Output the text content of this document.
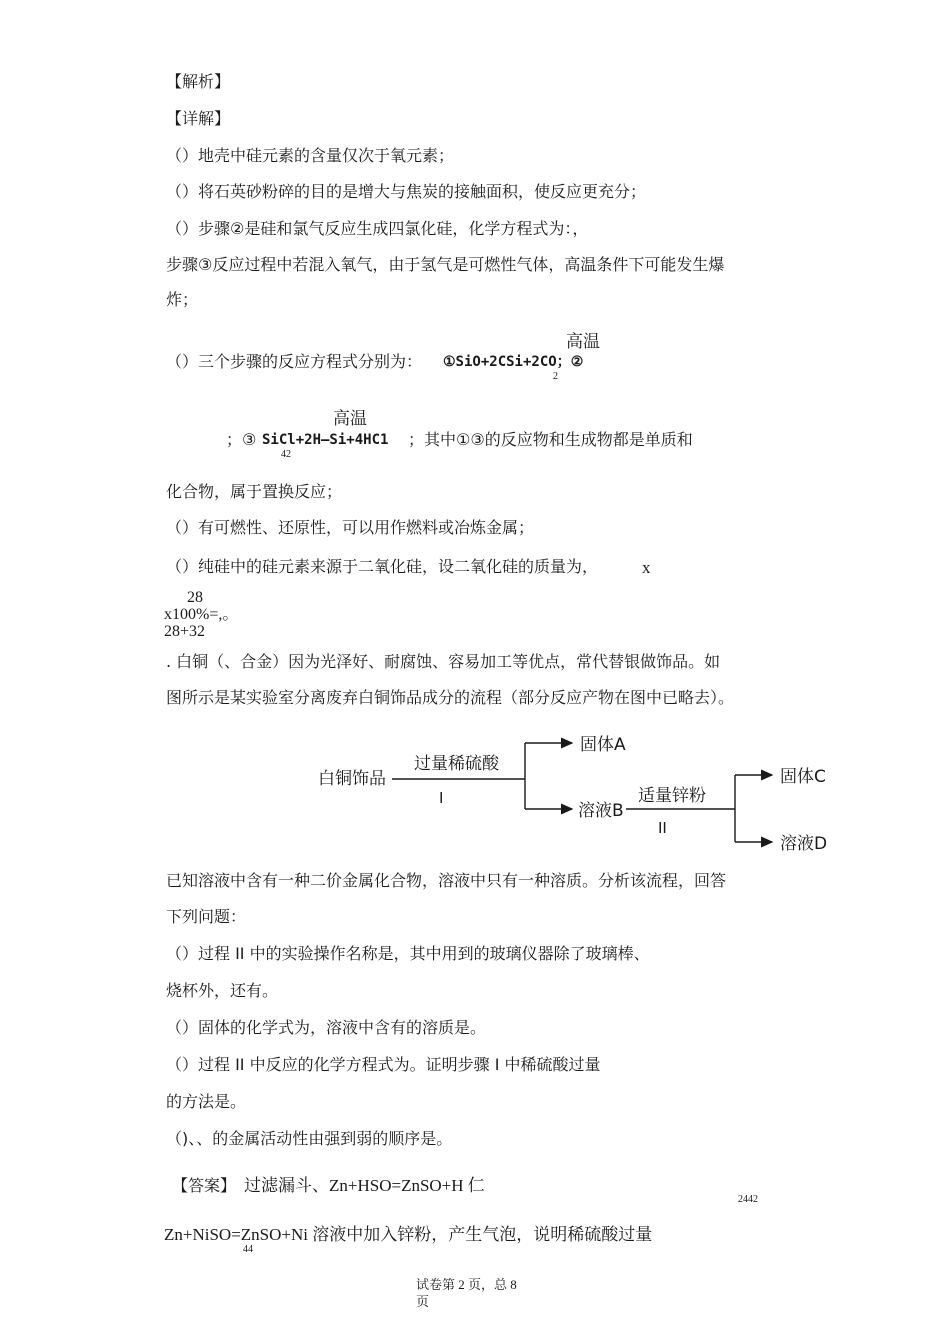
【解析】
【详解】
（）地壳中硅元素的含量仅次于氧元素；
（）将石英砂粉碎的目的是增大与焦炭的接触面积，使反应更充分；
（）步骤②是硅和氯气反应生成四氯化硅，化学方程式为：，
步骤③反应过程中若混入氧气，由于氢气是可燃性气体，高温条件下可能发生爆
炸；
高温
（）三个步骤的反应方程式分别为： ①SiO+2CSi+2CO；②
2
高温
；③ SiCl+2H—Si+4HC1 ；其中①③的反应物和生成物都是单质和
42
化合物，属于置换反应；
（）有可燃性、还原性，可以用作燃料或冶炼金属；
（）纯硅中的硅元素来源于二氧化硅，设二氧化硅的质量为，	x
28
x100%=,。
28+32
. 白铜（、合金）因为光泽好、耐腐蚀、容易加工等优点，常代替银做饰品。如
图所示是某实验室分离废弃白铜饰品成分的流程（部分反应产物在图中已略去）。
白铜饰品
过量稀硫酸
I
固体A
溶液B
适量锌粉
II
固体C
溶液D
已知溶液中含有一种二价金属化合物，溶液中只有一种溶质。分析该流程，回答
下列问题：
（）过程 II 中的实验操作名称是，其中用到的玻璃仪器除了玻璃棒、
烧杯外，还有。
（）固体的化学式为，溶液中含有的溶质是。
（）过程 II 中反应的化学方程式为。证明步骤 I 中稀硫酸过量
的方法是。
（)、、的金属活动性由强到弱的顺序是。
【答案】 过滤漏斗、Zn+HSO=ZnSO+H 仁
2442
Zn+NiSO=ZnSO+Ni 溶液中加入锌粉，产生气泡，说明稀硫酸过量
44
试卷第 2 页，总 8
页
